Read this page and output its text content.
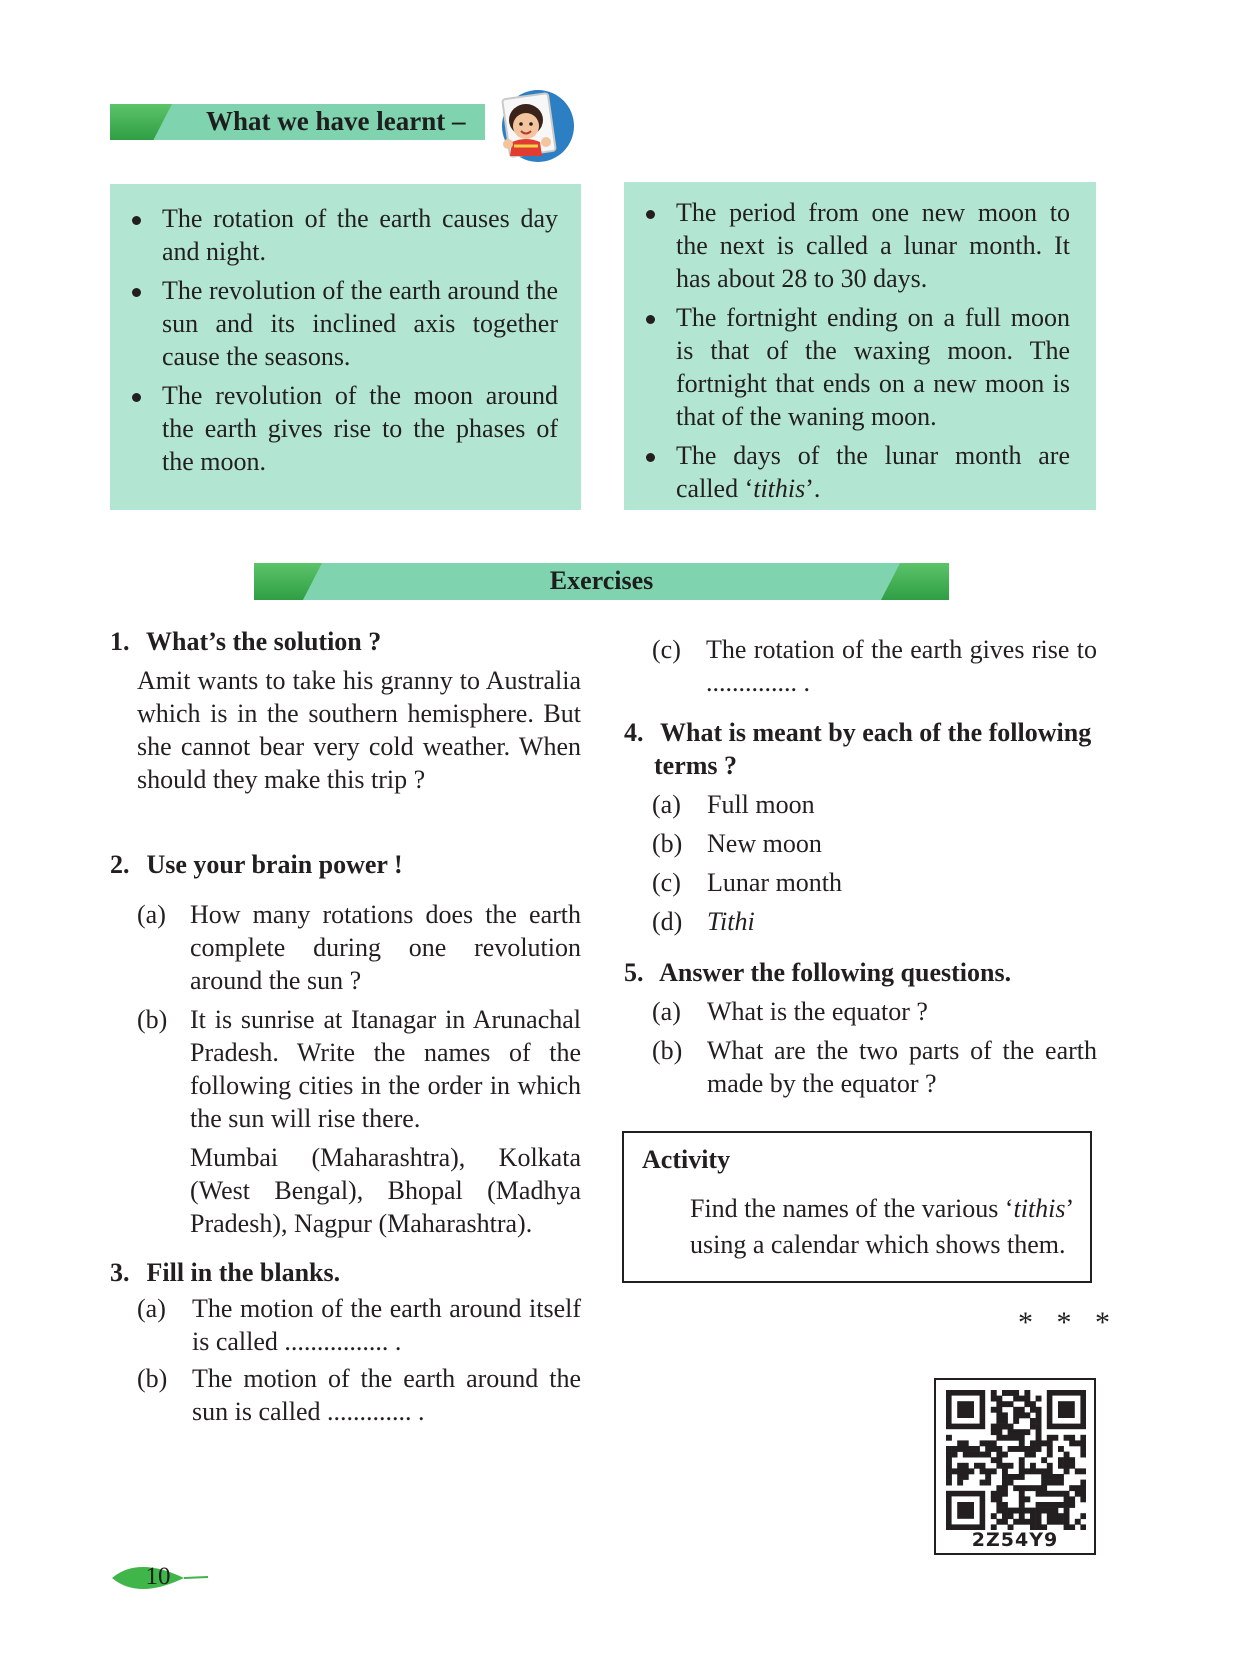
What we have learnt –
The rotation of the earth causes day and night.
The revolution of the earth around the sun and its inclined axis together cause the seasons.
The revolution of the moon around the earth gives rise to the phases of the moon.
The period from one new moon to the next is called a lunar month. It has about 28 to 30 days.
The fortnight ending on a full moon is that of the waxing moon. The fortnight that ends on a new moon is that of the waning moon.
The days of the lunar month are called ‘tithis’.
Exercises
1. What’s the solution ?
Amit wants to take his granny to Australia which is in the southern hemisphere. But she cannot bear very cold weather. When should they make this trip ?
2. Use your brain power !
(a) How many rotations does the earth complete during one revolution around the sun ?
(b) It is sunrise at Itanagar in Arunachal Pradesh. Write the names of the following cities in the order in which the sun will rise there.
Mumbai (Maharashtra), Kolkata (West Bengal), Bhopal (Madhya Pradesh), Nagpur (Maharashtra).
3. Fill in the blanks.
(a) The motion of the earth around itself is called ................ .
(b) The motion of the earth around the sun is called ............. .
(c) The rotation of the earth gives rise to .............. .
4. What is meant by each of the following
terms ?
(a) Full moon
(b) New moon
(c) Lunar month
(d) Tithi
5. Answer the following questions.
(a) What is the equator ?
(b) What are the two parts of the earth made by the equator ?
Activity
Find the names of the various ‘tithis’ using a calendar which shows them.
* * *
2Z54Y9
10
